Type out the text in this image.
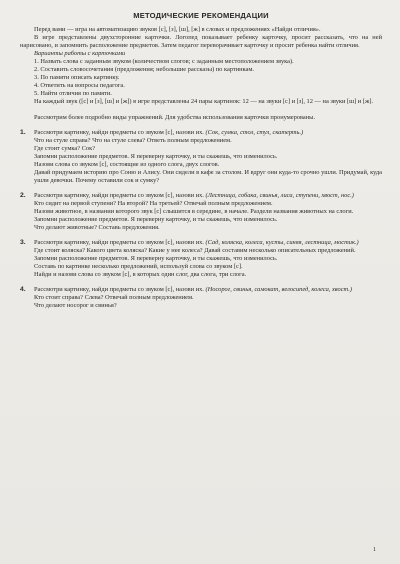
МЕТОДИЧЕСКИЕ РЕКОМЕНДАЦИИ

Перед вами — игра на автоматизацию звуков [с], [з], [ш], [ж] в словах и предложениях «Найди отличия».

В игре представлены двухсторонние карточки. Логопед показывает ребенку карточку, просит рассказать, что на ней нарисовано, и запомнить расположение предметов. Затем педагог переворачивает карточку и просит ребенка найти отличия.

Варианты работы с карточками

1. Назвать слова с заданным звуком (количеством слогов; с заданным местоположением звука).

2. Составить словосочетания (предложения; небольшие рассказы) по картинкам.

3. По памяти описать картинку.

4. Ответить на вопросы педагога.

5. Найти отличия по памяти.

На каждый звук ([с] и [з], [ш] и [ж]) в игре представлены 24 пары картинок: 12 — на звуки [с] и [з], 12 — на звуки [ш] и [ж].

Рассмотрим более подробно виды упражнений. Для удобства использования карточки пронумерованы.

1.	Рассмотри картинку, найди предметы со звуком [с], назови их. (Сок, сумка, стол, стул, скатерть.)

Что на стуле справа? Что на стуле слева? Ответь полным предложением.

Где стоит сумка? Сок?

Запомни расположение предметов. Я переверну карточку, и ты скажешь, что изменилось.

Назови слова со звуком [с], состоящие из одного слога, двух слогов.

Давай придумаем историю про Соню и Алису. Они сидели в кафе за столом. И вдруг они куда-то срочно ушли. Придумай, куда ушли девочки. Почему оставили сок и сумку?

2.	Рассмотри картинку, найди предметы со звуком [с], назови их. (Лестница, собака, свинья, лиса, ступени, хвост, нос.)

Кто сидит на первой ступени? На второй? На третьей? Отвечай полным предложением.

Назови животное, в названии которого звук [с] слышится в середине, в начале. Раздели названия животных на слоги.

Запомни расположение предметов. Я переверну карточку, и ты скажешь, что изменилось.

Что делают животные? Составь предложения.

3.	Рассмотри картинку, найди предметы со звуком [с], назови их. (Сад, коляска, колеса, кусты, синяя, лестница, мостик.)

Где стоит коляска? Какого цвета коляска? Какие у нее колеса? Давай составим несколько описательных предложений.

Запомни расположение предметов. Я переверну карточку, и ты скажешь, что изменилось.

Составь по картинке несколько предложений, используй слова со звуком [с].

Найди и назови слова со звуком [с], в которых один слог, два слога, три слога.

4.	Рассмотри картинку, найди предметы со звуком [с], назови их. (Носорог, свинья, самокат, велосипед, колеса, хвост.)

Кто стоит справа? Слева? Отвечай полным предложением.

Что делают носорог и свинья?

1
